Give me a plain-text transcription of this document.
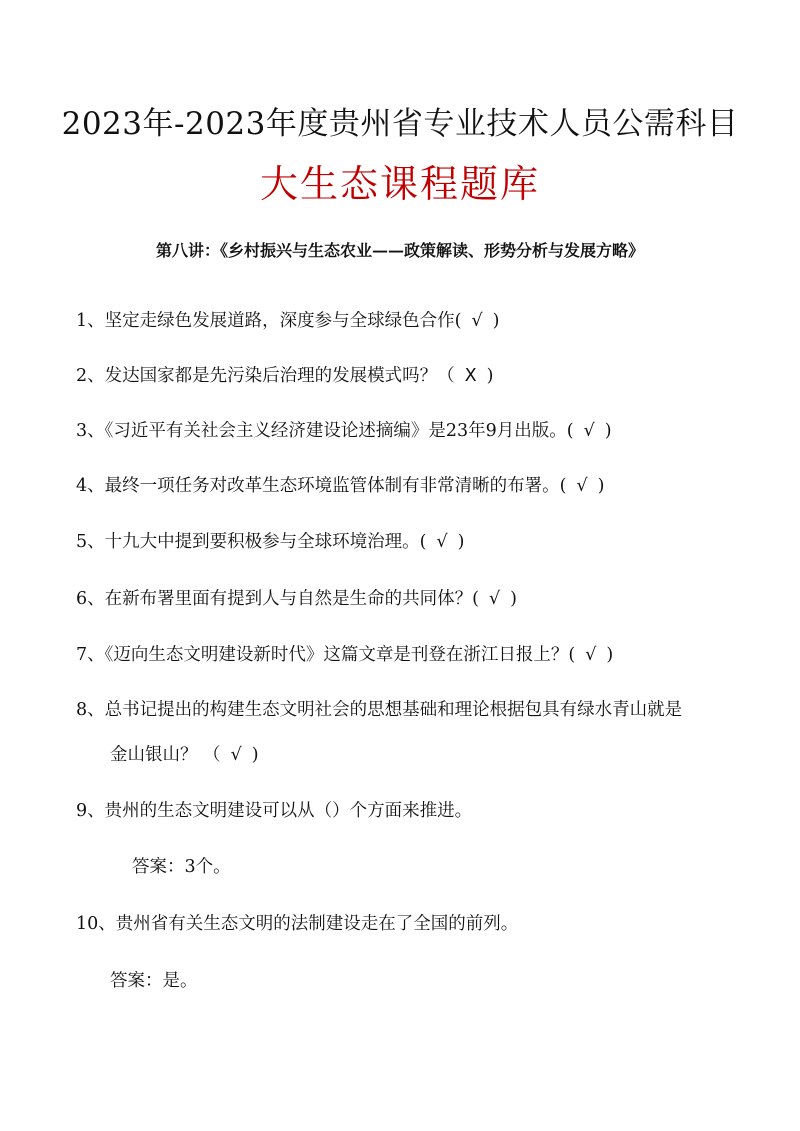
2023年-2023年度贵州省专业技术人员公需科目
大生态课程题库
第八讲：《乡村振兴与生态农业——政策解读、形势分析与发展方略》
1、坚定走绿色发展道路，深度参与全球绿色合作( √ )
2、发达国家都是先污染后治理的发展模式吗？（ X )
3、《习近平有关社会主义经济建设论述摘编》是23年9月出版。( √ )
4、最终一项任务对改革生态环境监管体制有非常清晰的布署。( √ )
5、十九大中提到要积极参与全球环境治理。( √ )
6、在新布署里面有提到人与自然是生命的共同体？( √ )
7、《迈向生态文明建设新时代》这篇文章是刊登在浙江日报上？( √ )
8、总书记提出的构建生态文明社会的思想基础和理论根据包具有绿水青山就是
金山银山？ （ √ )
9、贵州的生态文明建设可以从（）个方面来推进。
答案：3个。
10、贵州省有关生态文明的法制建设走在了全国的前列。
答案：是。
